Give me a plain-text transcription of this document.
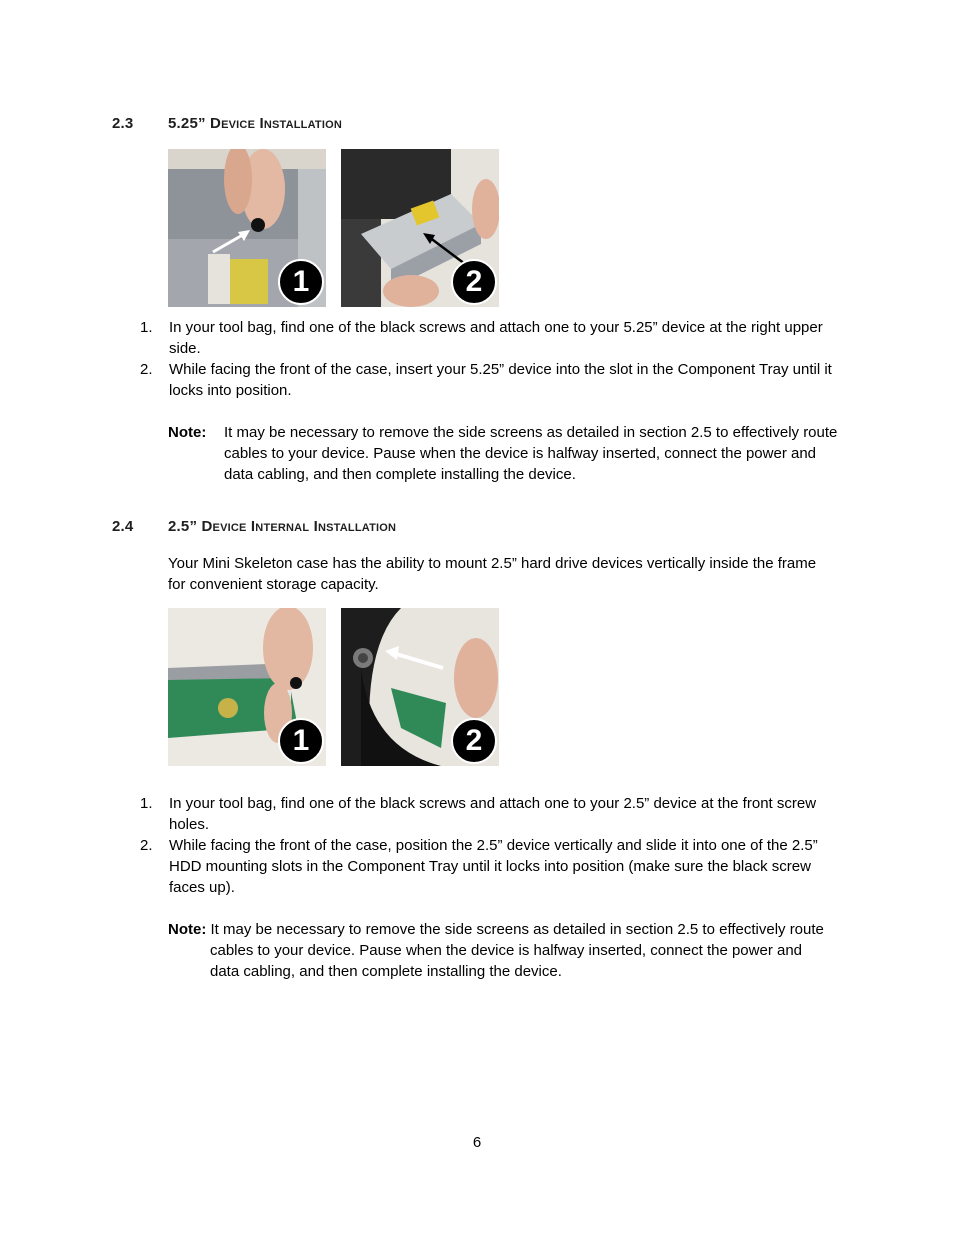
2.3 5.25” Device Installation
1	2
1. In your tool bag, find one of the black screws and attach one to your 5.25” device at the right upper side.
2. While facing the front of the case, insert your 5.25” device into the slot in the Component Tray until it locks into position.
Note: It may be necessary to remove the side screens as detailed in section 2.5 to effectively route cables to your device. Pause when the device is halfway inserted, connect the power and data cabling, and then complete installing the device.
2.4 2.5” Device Internal Installation
Your Mini Skeleton case has the ability to mount 2.5” hard drive devices vertically inside the frame for convenient storage capacity.
1	2
1. In your tool bag, find one of the black screws and attach one to your 2.5” device at the front screw holes.
2. While facing the front of the case, position the 2.5” device vertically and slide it into one of the 2.5” HDD mounting slots in the Component Tray until it locks into position (make sure the black screw faces up).
Note: It may be necessary to remove the side screens as detailed in section 2.5 to effectively route cables to your device. Pause when the device is halfway inserted, connect the power and data cabling, and then complete installing the device.
6
